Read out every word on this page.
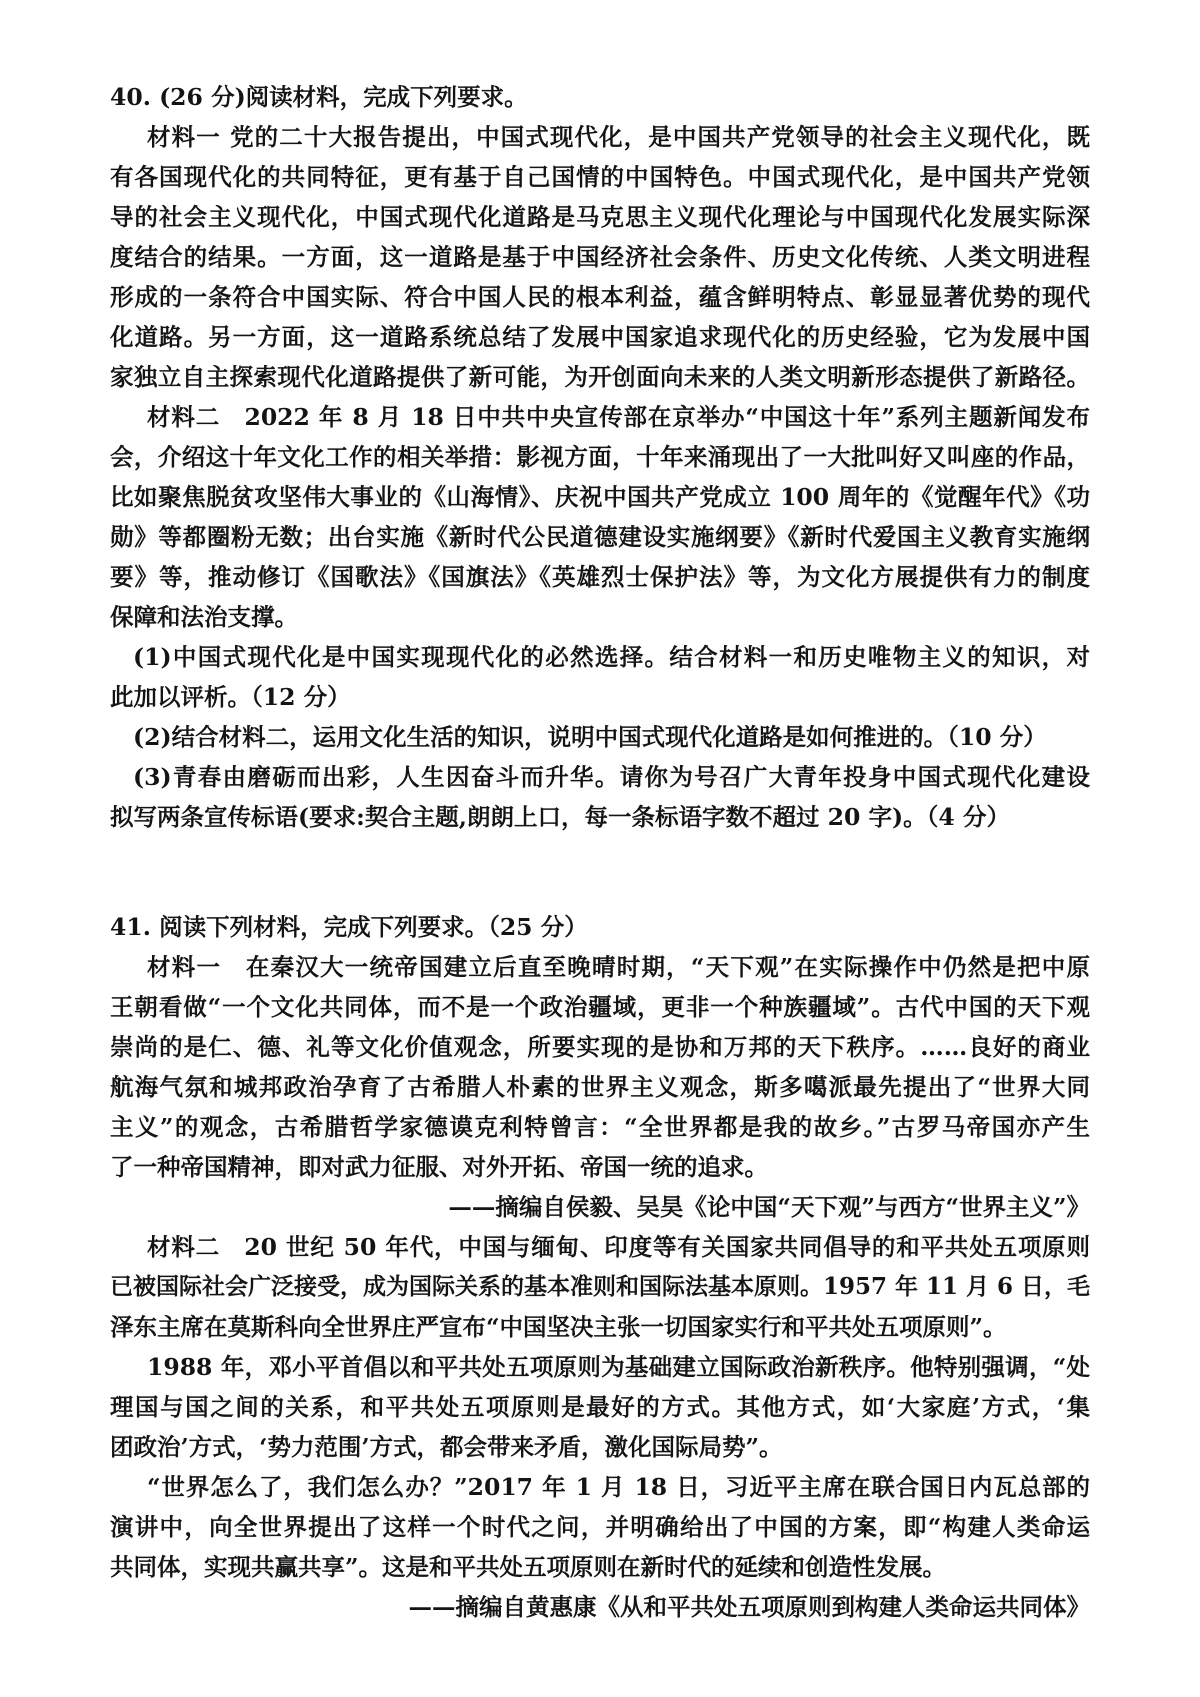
40. (26 分)阅读材料，完成下列要求。
材料一 党的二十大报告提出，中国式现代化，是中国共产党领导的社会主义现代化，既
有各国现代化的共同特征，更有基于自己国情的中国特色。中国式现代化，是中国共产党领
导的社会主义现代化，中国式现代化道路是马克思主义现代化理论与中国现代化发展实际深
度结合的结果。一方面，这一道路是基于中国经济社会条件、历史文化传统、人类文明进程
形成的一条符合中国实际、符合中国人民的根本利益，蕴含鲜明特点、彰显显著优势的现代
化道路。另一方面，这一道路系统总结了发展中国家追求现代化的历史经验，它为发展中国
家独立自主探索现代化道路提供了新可能，为开创面向未来的人类文明新形态提供了新路径。
材料二　2022 年 8 月 18 日中共中央宣传部在京举办“中国这十年”系列主题新闻发布
会，介绍这十年文化工作的相关举措：影视方面，十年来涌现出了一大批叫好又叫座的作品，
比如聚焦脱贫攻坚伟大事业的《山海情》、庆祝中国共产党成立 100 周年的《觉醒年代》《功
勋》等都圈粉无数；出台实施《新时代公民道德建设实施纲要》《新时代爱国主义教育实施纲
要》等，推动修订《国歌法》《国旗法》《英雄烈士保护法》等，为文化方展提供有力的制度
保障和法治支撑。
(1)中国式现代化是中国实现现代化的必然选择。结合材料一和历史唯物主义的知识，对
此加以评析。（12 分）
(2)结合材料二，运用文化生活的知识，说明中国式现代化道路是如何推进的。（10 分）
(3)青春由磨砺而出彩，人生因奋斗而升华。请你为号召广大青年投身中国式现代化建设
拟写两条宣传标语(要求:契合主题,朗朗上口，每一条标语字数不超过 20 字)。（4 分）
41. 阅读下列材料，完成下列要求。（25 分）
材料一　在秦汉大一统帝国建立后直至晚晴时期，“天下观”在实际操作中仍然是把中原
王朝看做“一个文化共同体，而不是一个政治疆域，更非一个种族疆域”。古代中国的天下观
崇尚的是仁、德、礼等文化价值观念，所要实现的是协和万邦的天下秩序。……良好的商业
航海气氛和城邦政治孕育了古希腊人朴素的世界主义观念，斯多噶派最先提出了“世界大同
主义”的观念，古希腊哲学家德谟克利特曾言：“全世界都是我的故乡。”古罗马帝国亦产生
了一种帝国精神，即对武力征服、对外开拓、帝国一统的追求。
——摘编自侯毅、吴昊《论中国“天下观”与西方“世界主义”》
材料二　20 世纪 50 年代，中国与缅甸、印度等有关国家共同倡导的和平共处五项原则
已被国际社会广泛接受，成为国际关系的基本准则和国际法基本原则。1957 年 11 月 6 日，毛
泽东主席在莫斯科向全世界庄严宣布“中国坚决主张一切国家实行和平共处五项原则”。
1988 年，邓小平首倡以和平共处五项原则为基础建立国际政治新秩序。他特别强调，“处
理国与国之间的关系，和平共处五项原则是最好的方式。其他方式，如‘大家庭’方式，‘集
团政治’方式，‘势力范围’方式，都会带来矛盾，激化国际局势”。
“世界怎么了，我们怎么办？”2017 年 1 月 18 日，习近平主席在联合国日内瓦总部的
演讲中，向全世界提出了这样一个时代之问，并明确给出了中国的方案，即“构建人类命运
共同体，实现共赢共享”。这是和平共处五项原则在新时代的延续和创造性发展。
——摘编自黄惠康《从和平共处五项原则到构建人类命运共同体》
